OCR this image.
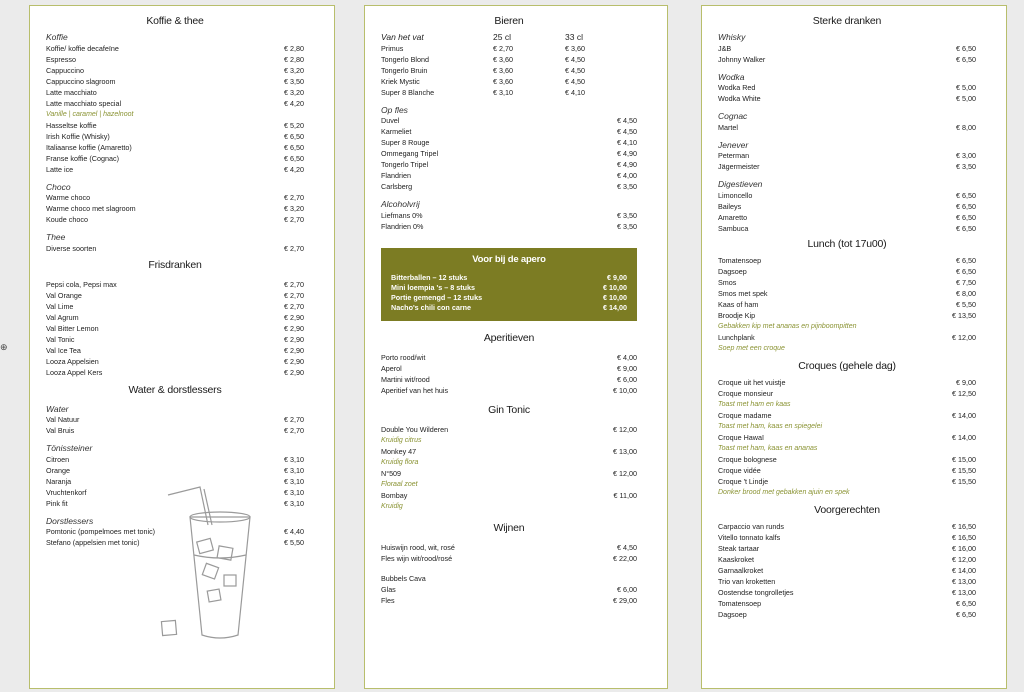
⊕
Koffie & thee
Koffie
Koffie/ koffie decafeïne	€ 2,80
Espresso	€ 2,80
Cappuccino	€ 3,20
Cappuccino slagroom	€ 3,50
Latte macchiato	€ 3,20
Latte macchiato special	€ 4,20
Vanille | caramel | hazelnoot
Hasseltse koffie	€ 5,20
Irish Koffie (Whisky)	€ 6,50
Italiaanse koffie (Amaretto)	€ 6,50
Franse koffie (Cognac)	€ 6,50
Latte ice	€ 4,20
Choco
Warme choco	€ 2,70
Warme choco met slagroom	€ 3,20
Koude choco	€ 2,70
Thee
Diverse soorten	€ 2,70
Frisdranken
Pepsi cola, Pepsi max	€ 2,70
Val Orange	€ 2,70
Val Lime	€ 2,70
Val Agrum	€ 2,90
Val Bitter Lemon	€ 2,90
Val Tonic	€ 2,90
Val Ice Tea	€ 2,90
Looza Appelsien	€ 2,90
Looza Appel Kers	€ 2,90
Water & dorstlessers
Water
Val Natuur	€ 2,70
Val Bruis	€ 2,70
Tönissteiner
Citroen	€ 3,10
Orange	€ 3,10
Naranja	€ 3,10
Vruchtenkorf	€ 3,10
Pink fit	€ 3,10
Dorstlessers
Pomtonic (pompelmoes met tonic)	€ 4,40
Stefano (appelsien met tonic)	€ 5,50
Bieren
Van het vat	25 cl	33 cl
Primus	€ 2,70	€ 3,60
Tongerlo Blond	€ 3,60	€ 4,50
Tongerlo Bruin	€ 3,60	€ 4,50
Kriek Mystic	€ 3,60	€ 4,50
Super 8 Blanche	€ 3,10	€ 4,10
Op fles
Duvel	€ 4,50
Karmeliet	€ 4,50
Super 8 Rouge	€ 4,10
Ommegang Tripel	€ 4,90
Tongerlo Tripel	€ 4,90
Flandrien	€ 4,00
Carlsberg	€ 3,50
Alcoholvrij
Liefmans 0%	€ 3,50
Flandrien 0%	€ 3,50
Voor bij de apero
Bitterballen – 12 stuks	€ 9,00
Mini loempia 's – 8 stuks	€ 10,00
Portie gemengd – 12 stuks	€ 10,00
Nacho's chili con carne	€ 14,00
Aperitieven
Porto rood/wit	€ 4,00
Aperol	€ 9,00
Martini wit/rood	€ 6,00
Aperitief van het huis	€ 10,00
Gin Tonic
Double You Wilderen	€ 12,00
Kruidig citrus
Monkey 47	€ 13,00
Kruidig flora
N°509	€ 12,00
Floraal zoet
Bombay	€ 11,00
Kruidig
Wijnen
Huiswijn rood, wit, rosé	€ 4,50
Fles wijn wit/rood/rosé	€ 22,00
Bubbels Cava
Glas	€ 6,00
Fles	€ 29,00
Sterke dranken
Whisky
J&B	€ 6,50
Johnny Walker	€ 6,50
Wodka
Wodka Red	€ 5,00
Wodka White	€ 5,00
Cognac
Martel	€ 8,00
Jenever
Peterman	€ 3,00
Jägermeister	€ 3,50
Digestieven
Limoncello	€ 6,50
Baileys	€ 6,50
Amaretto	€ 6,50
Sambuca	€ 6,50
Lunch (tot 17u00)
Tomatensoep	€ 6,50
Dagsoep	€ 6,50
Smos	€ 7,50
Smos met spek	€ 8,00
Kaas of ham	€ 5,50
Broodje Kip	€ 13,50
Gebakken kip met ananas en pijnboompitten
Lunchplank	€ 12,00
Soep met een croque
Croques (gehele dag)
Croque uit het vuistje	€ 9,00
Croque monsieur	€ 12,50
Toast met ham en kaas
Croque madame	€ 14,00
Toast met ham, kaas en spiegelei
Croque Hawaï	€ 14,00
Toast met ham, kaas en ananas
Croque bolognese	€ 15,00
Croque vidée	€ 15,50
Croque 't Lindje	€ 15,50
Donker brood met gebakken ajuin en spek
Voorgerechten
Carpaccio van runds	€ 16,50
Vitello tonnato kalfs	€ 16,50
Steak tartaar	€ 16,00
Kaaskroket	€ 12,00
Garnaalkroket	€ 14,00
Trio van kroketten	€ 13,00
Oostendse tongrolletjes	€ 13,00
Tomatensoep	€ 6,50
Dagsoep	€ 6,50
